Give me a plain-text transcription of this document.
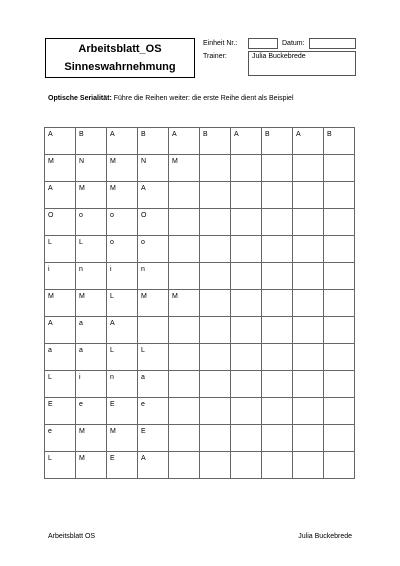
Arbeitsblatt_OS
Sinneswahrnehmung
Einheit Nr.:	Datum:
Trainer:	Julia Buckebrede
Optische Serialität: Führe die Reihen weiter: die erste Reihe dient als Beispiel
A	B	A	B	A	B	A	B	A	B
M	N	M	N	M					
A	M	M	A						
O	o	o	O						
L	L	o	o						
i	n	i	n						
M	M	L	M	M					
A	a	A							
a	a	L	L						
L	i	n	a						
E	e	E	e						
e	M	M	E						
L	M	E	A						
Arbeitsblatt OS	Julia Buckebrede
